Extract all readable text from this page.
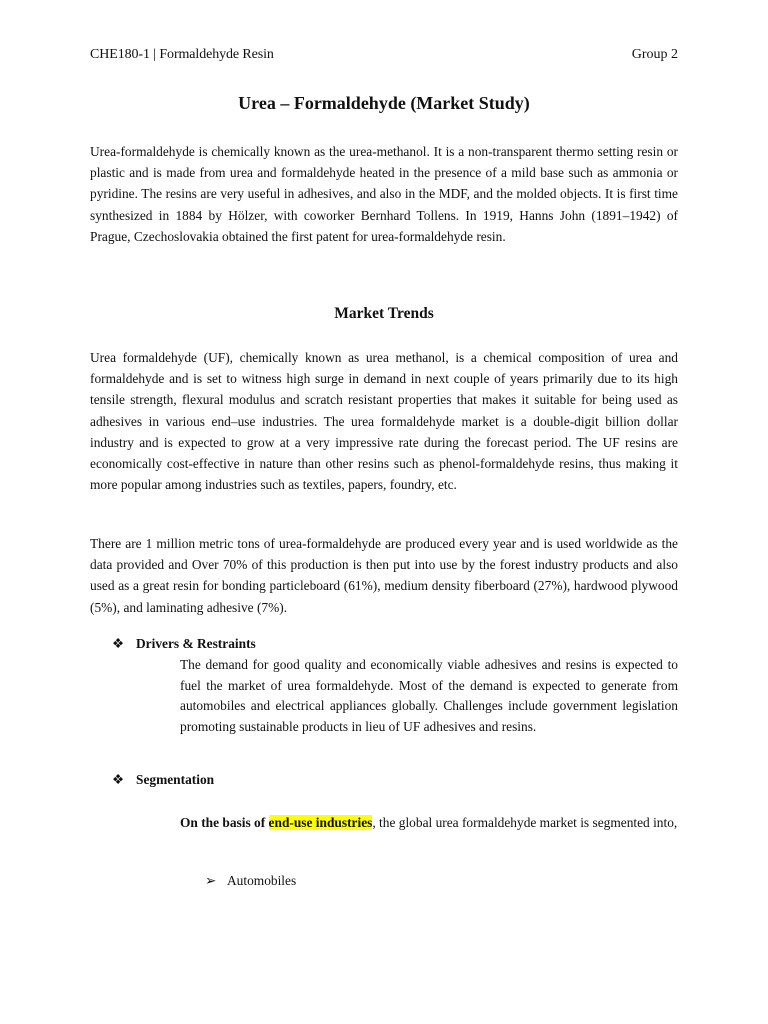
CHE180-1 | Formaldehyde Resin	Group 2
Urea – Formaldehyde (Market Study)

Urea-formaldehyde is chemically known as the urea-methanol. It is a non-transparent thermo setting resin or plastic and is made from urea and formaldehyde heated in the presence of a mild base such as ammonia or pyridine. The resins are very useful in adhesives, and also in the MDF, and the molded objects. It is first time synthesized in 1884 by Hölzer, with coworker Bernhard Tollens. In 1919, Hanns John (1891–1942) of Prague, Czechoslovakia obtained the first patent for urea-formaldehyde resin.

Market Trends

Urea formaldehyde (UF), chemically known as urea methanol, is a chemical composition of urea and formaldehyde and is set to witness high surge in demand in next couple of years primarily due to its high tensile strength, flexural modulus and scratch resistant properties that makes it suitable for being used as adhesives in various end–use industries. The urea formaldehyde market is a double-digit billion dollar industry and is expected to grow at a very impressive rate during the forecast period. The UF resins are economically cost-effective in nature than other resins such as phenol-formaldehyde resins, thus making it more popular among industries such as textiles, papers, foundry, etc.

There are 1 million metric tons of urea-formaldehyde are produced every year and is used worldwide as the data provided and Over 70% of this production is then put into use by the forest industry products and also used as a great resin for bonding particleboard (61%), medium density fiberboard (27%), hardwood plywood (5%), and laminating adhesive (7%).

❖ Drivers & Restraints

The demand for good quality and economically viable adhesives and resins is expected to fuel the market of urea formaldehyde. Most of the demand is expected to generate from automobiles and electrical appliances globally. Challenges include government legislation promoting sustainable products in lieu of UF adhesives and resins.

❖ Segmentation

On the basis of end-use industries, the global urea formaldehyde market is segmented into,

➢ Automobiles
